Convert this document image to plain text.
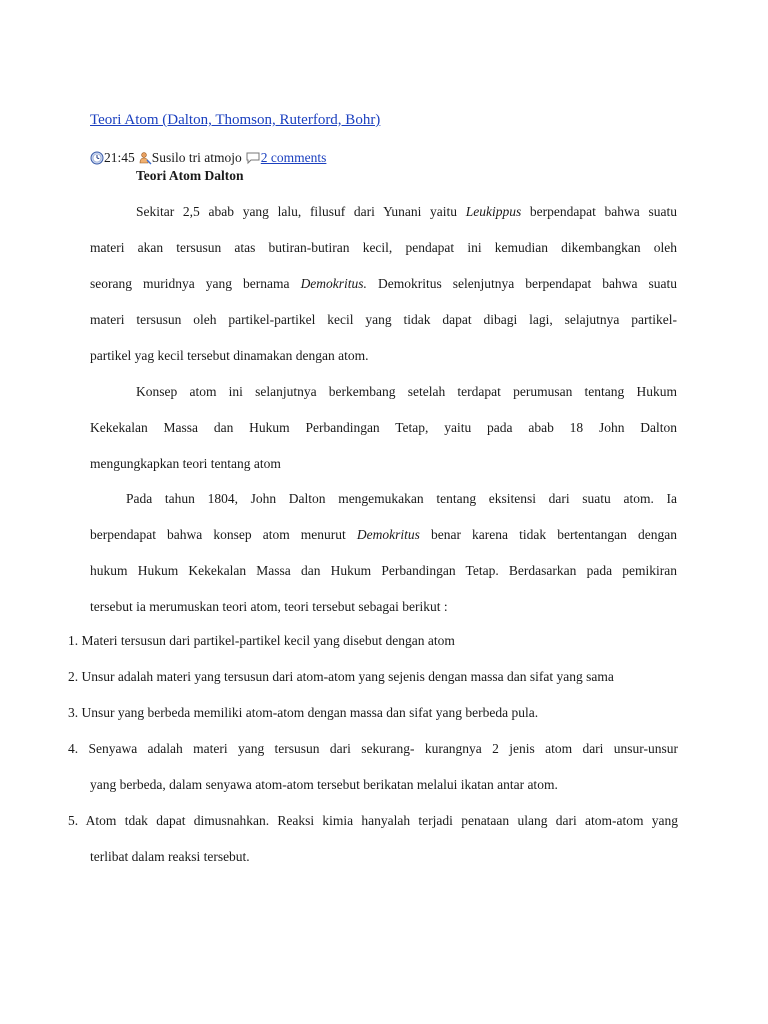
Teori Atom (Dalton, Thomson, Ruterford, Bohr)
21:45 Susilo tri atmojo 2 comments
Teori Atom Dalton
Sekitar 2,5 abab yang lalu, filusuf dari Yunani yaitu Leukippus berpendapat bahwa suatu
materi akan tersusun atas butiran-butiran kecil, pendapat ini kemudian dikembangkan oleh
seorang muridnya yang bernama Demokritus. Demokritus selenjutnya berpendapat bahwa suatu
materi tersusun oleh partikel-partikel kecil yang tidak dapat dibagi lagi, selajutnya partikel-
partikel yag kecil tersebut dinamakan dengan atom.
Konsep atom ini selanjutnya berkembang setelah terdapat perumusan tentang Hukum
Kekekalan Massa dan Hukum Perbandingan Tetap, yaitu pada abab 18 John Dalton
mengungkapkan teori tentang atom
Pada tahun 1804, John Dalton mengemukakan tentang eksitensi dari suatu atom. Ia
berpendapat bahwa konsep atom menurut Demokritus benar karena tidak bertentangan dengan
hukum Hukum Kekekalan Massa dan Hukum Perbandingan Tetap. Berdasarkan pada pemikiran
tersebut ia merumuskan teori atom, teori tersebut sebagai berikut :
1. Materi tersusun dari partikel-partikel kecil yang disebut dengan atom
2. Unsur adalah materi yang tersusun dari atom-atom yang sejenis dengan massa dan sifat yang sama
3. Unsur yang berbeda memiliki atom-atom dengan massa dan sifat yang berbeda pula.
4. Senyawa adalah materi yang tersusun dari sekurang- kurangnya 2 jenis atom dari unsur-unsur
yang berbeda, dalam senyawa atom-atom tersebut berikatan melalui ikatan antar atom.
5. Atom tdak dapat dimusnahkan. Reaksi kimia hanyalah terjadi penataan ulang dari atom-atom yang
terlibat dalam reaksi tersebut.
